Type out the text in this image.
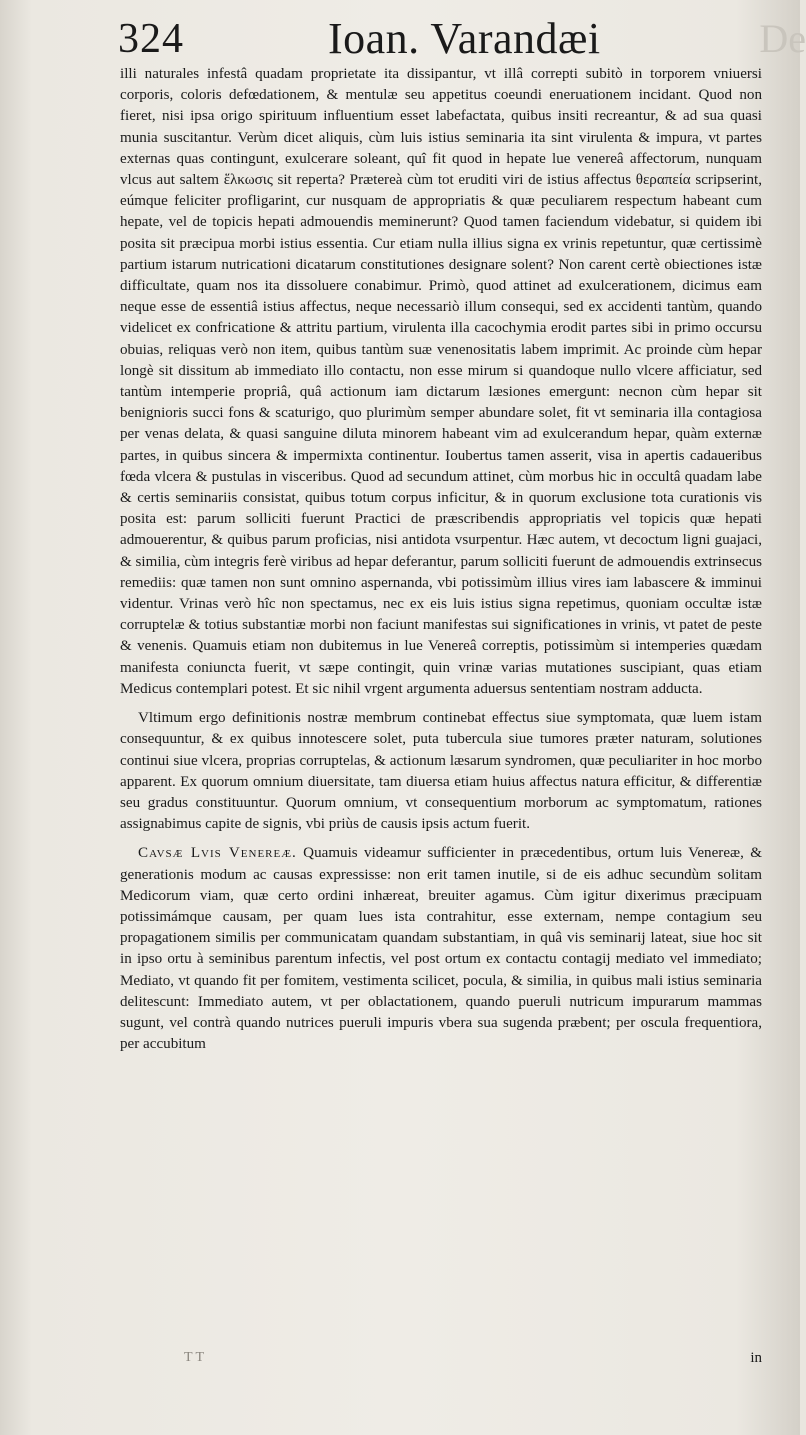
324	Ioan. Varandæi	De

illi naturales infestâ quadam proprietate ita dissipantur, vt illâ correpti subitò in torporem vniuersi corporis, coloris defœdationem, & mentulæ seu appetitus coeundi eneruationem incidant. Quod non fieret, nisi ipsa origo spirituum influentium esset labefactata, quibus insiti recreantur, & ad sua quasi munia suscitantur. Verùm dicet aliquis, cùm luis istius seminaria ita sint virulenta & impura, vt partes externas quas contingunt, exulcerare soleant, quî fit quod in hepate lue venereâ affectorum, nunquam vlcus aut saltem ἕλκωσις sit reperta? Prætereà cùm tot eruditi viri de istius affectus θεραπεία scripserint, eúmque feliciter profligarint, cur nusquam de appropriatis & quæ peculiarem respectum habeant cum hepate, vel de topicis hepati admouendis meminerunt? Quod tamen faciendum videbatur, si quidem ibi posita sit præcipua morbi istius essentia. Cur etiam nulla illius signa ex vrinis repetuntur, quæ certissimè partium istarum nutricationi dicatarum constitutiones designare solent? Non carent certè obiectiones istæ difficultate, quam nos ita dissoluere conabimur. Primò, quod attinet ad exulcerationem, dicimus eam neque esse de essentiâ istius affectus, neque necessariò illum consequi, sed ex accidenti tantùm, quando videlicet ex confricatione & attritu partium, virulenta illa cacochymia erodit partes sibi in primo occursu obuias, reliquas verò non item, quibus tantùm suæ venenositatis labem imprimit. Ac proinde cùm hepar longè sit dissitum ab immediato illo contactu, non esse mirum si quandoque nullo vlcere afficiatur, sed tantùm intemperie propriâ, quâ actionum iam dictarum læsiones emergunt: necnon cùm hepar sit benignioris succi fons & scaturigo, quo plurimùm semper abundare solet, fit vt seminaria illa contagiosa per venas delata, & quasi sanguine diluta minorem habeant vim ad exulcerandum hepar, quàm externæ partes, in quibus sincera & impermixta continentur. Ioubertus tamen asserit, visa in apertis cadaueribus fœda vlcera & pustulas in visceribus. Quod ad secundum attinet, cùm morbus hic in occultâ quadam labe & certis seminariis consistat, quibus totum corpus inficitur, & in quorum exclusione tota curationis vis posita est: parum solliciti fuerunt Practici de præscribendis appropriatis vel topicis quæ hepati admouerentur, & quibus parum proficias, nisi antidota vsurpentur. Hæc autem, vt decoctum ligni guajaci, & similia, cùm integris ferè viribus ad hepar deferantur, parum solliciti fuerunt de admouendis extrinsecus remediis: quæ tamen non sunt omnino aspernanda, vbi potissimùm illius vires iam labascere & imminui videntur. Vrinas verò hîc non spectamus, nec ex eis luis istius signa repetimus, quoniam occultæ istæ corruptelæ & totius substantiæ morbi non faciunt manifestas sui significationes in vrinis, vt patet de peste & venenis. Quamuis etiam non dubitemus in lue Venereâ correptis, potissimùm si intemperies quædam manifesta coniuncta fuerit, vt sæpe contingit, quin vrinæ varias mutationes suscipiant, quas etiam Medicus contemplari potest. Et sic nihil vrgent argumenta aduersus sententiam nostram adducta.

Vltimum ergo definitionis nostræ membrum continebat effectus siue symptomata, quæ luem istam consequuntur, & ex quibus innotescere solet, puta tubercula siue tumores præter naturam, solutiones continui siue vlcera, proprias corruptelas, & actionum læsarum syndromen, quæ peculiariter in hoc morbo apparent. Ex quorum omnium diuersitate, tam diuersa etiam huius affectus natura efficitur, & differentiæ seu gradus constituuntur. Quorum omnium, vt consequentium morborum ac symptomatum, rationes assignabimus capite de signis, vbi priùs de causis ipsis actum fuerit.

Cavsæ Lvis Venereæ. Quamuis videamur sufficienter in præcedentibus, ortum luis Venereæ, & generationis modum ac causas expressisse: non erit tamen inutile, si de eis adhuc secundùm solitam Medicorum viam, quæ certo ordini inhæreat, breuiter agamus. Cùm igitur dixerimus præcipuam potissimámque causam, per quam lues ista contrahitur, esse externam, nempe contagium seu propagationem similis per communicatam quandam substantiam, in quâ vis seminarij lateat, siue hoc sit in ipso ortu à seminibus parentum infectis, vel post ortum ex contactu contagij mediato vel immediato; Mediato, vt quando fit per fomitem, vestimenta scilicet, pocula, & similia, in quibus mali istius seminaria delitescunt: Immediato autem, vt per oblactationem, quando pueruli nutricum impurarum mammas sugunt, vel contrà quando nutrices pueruli impuris vbera sua sugenda præbent; per oscula frequentiora, per accubitum

TT	in
